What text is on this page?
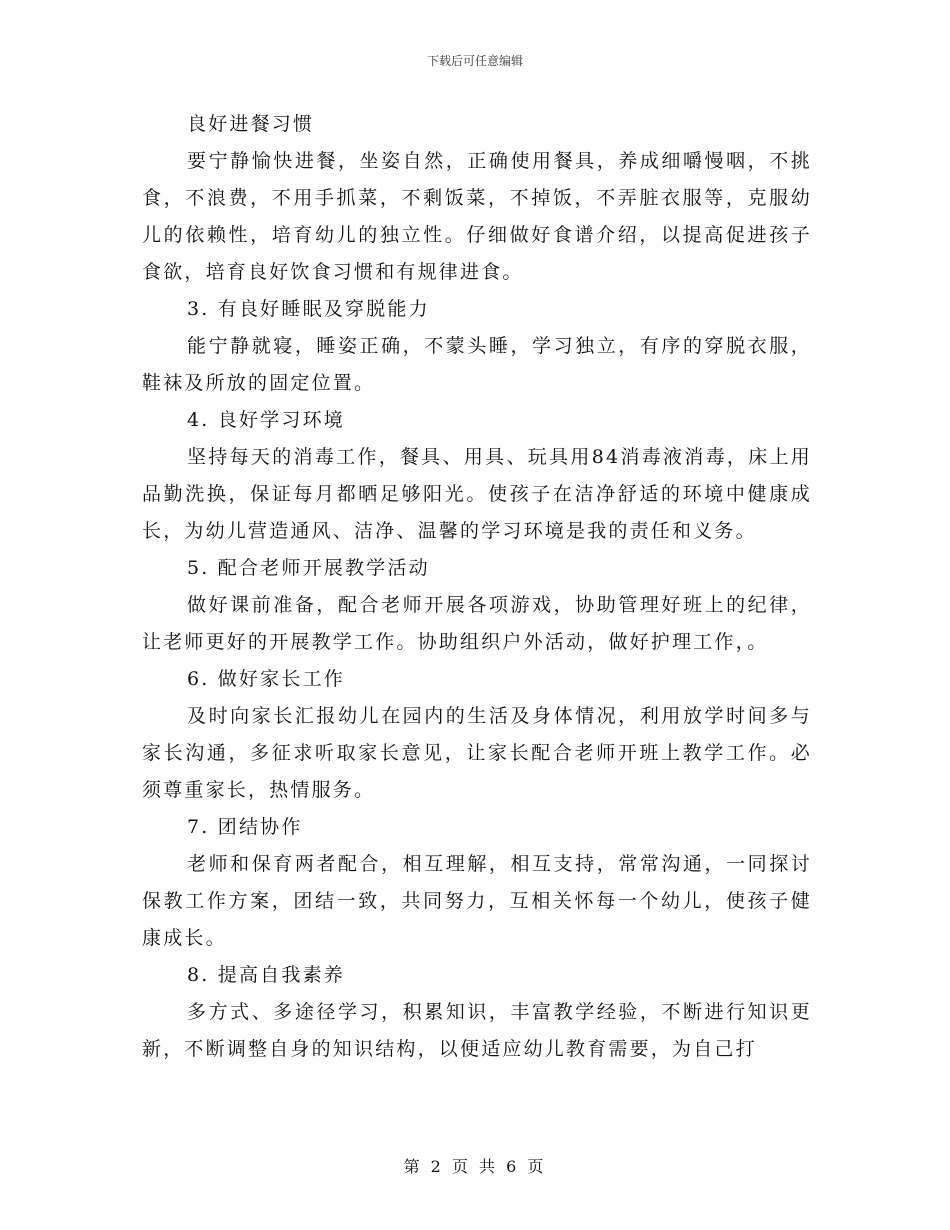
下载后可任意编辑

良好进餐习惯

要宁静愉快进餐，坐姿自然，正确使用餐具，养成细嚼慢咽，不挑食，不浪费，不用手抓菜，不剩饭菜，不掉饭，不弄脏衣服等，克服幼儿的依赖性，培育幼儿的独立性。仔细做好食谱介绍，以提高促进孩子食欲，培育良好饮食习惯和有规律进食。

3. 有良好睡眠及穿脱能力

能宁静就寝，睡姿正确，不蒙头睡，学习独立，有序的穿脱衣服，鞋袜及所放的固定位置。

4. 良好学习环境

坚持每天的消毒工作，餐具、用具、玩具用84消毒液消毒，床上用品勤洗换，保证每月都晒足够阳光。使孩子在洁净舒适的环境中健康成长，为幼儿营造通风、洁净、温馨的学习环境是我的责任和义务。

5. 配合老师开展教学活动

做好课前准备，配合老师开展各项游戏，协助管理好班上的纪律，让老师更好的开展教学工作。协助组织户外活动，做好护理工作，。

6. 做好家长工作

及时向家长汇报幼儿在园内的生活及身体情况，利用放学时间多与家长沟通，多征求听取家长意见，让家长配合老师开班上教学工作。必须尊重家长，热情服务。

7. 团结协作

老师和保育两者配合，相互理解，相互支持，常常沟通，一同探讨保教工作方案，团结一致，共同努力，互相关怀每一个幼儿，使孩子健康成长。

8. 提高自我素养

多方式、多途径学习，积累知识，丰富教学经验，不断进行知识更新，不断调整自身的知识结构，以便适应幼儿教育需要，为自己打

第 2 页 共 6 页
